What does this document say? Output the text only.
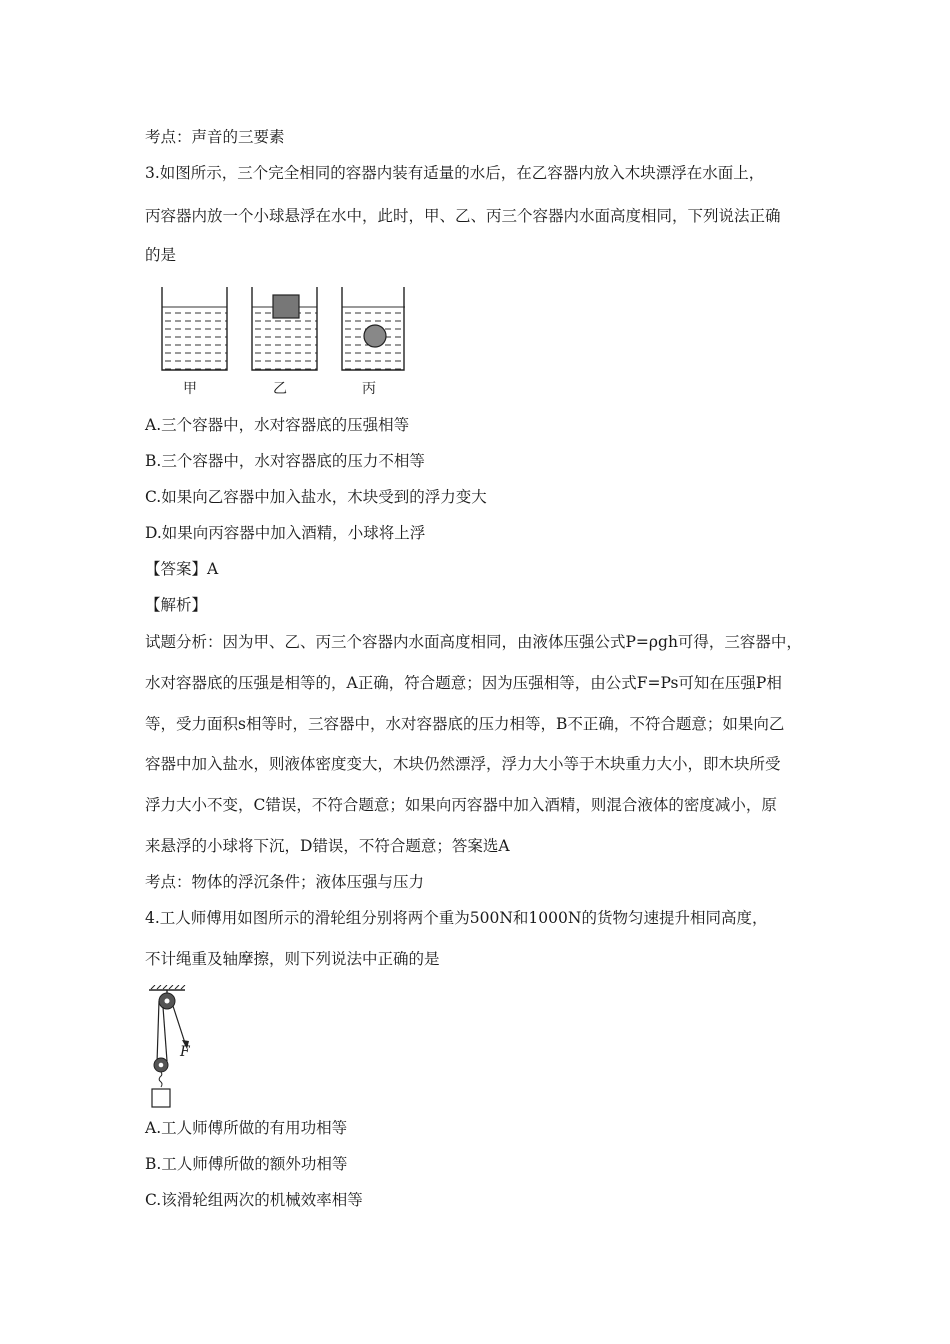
考点：声音的三要素

3.如图所示，三个完全相同的容器内装有适量的水后，在乙容器内放入木块漂浮在水面上，

丙容器内放一个小球悬浮在水中，此时，甲、乙、丙三个容器内水面高度相同，下列说法正确

的是

甲	乙	丙

A.三个容器中，水对容器底的压强相等

B.三个容器中，水对容器底的压力不相等

C.如果向乙容器中加入盐水，木块受到的浮力变大

D.如果向丙容器中加入酒精，小球将上浮

【答案】A

【解析】

试题分析：因为甲、乙、丙三个容器内水面高度相同，由液体压强公式P=ρgh可得，三容器中，

水对容器底的压强是相等的，A正确，符合题意；因为压强相等，由公式F=Ps可知在压强P相

等，受力面积s相等时，三容器中，水对容器底的压力相等，B不正确，不符合题意；如果向乙

容器中加入盐水，则液体密度变大，木块仍然漂浮，浮力大小等于木块重力大小，即木块所受

浮力大小不变，C错误，不符合题意；如果向丙容器中加入酒精，则混合液体的密度减小，原

来悬浮的小球将下沉，D错误，不符合题意；答案选A

考点：物体的浮沉条件；液体压强与压力

4.工人师傅用如图所示的滑轮组分别将两个重为500N和1000N的货物匀速提升相同高度，

不计绳重及轴摩擦，则下列说法中正确的是

F

A.工人师傅所做的有用功相等

B.工人师傅所做的额外功相等

C.该滑轮组两次的机械效率相等
